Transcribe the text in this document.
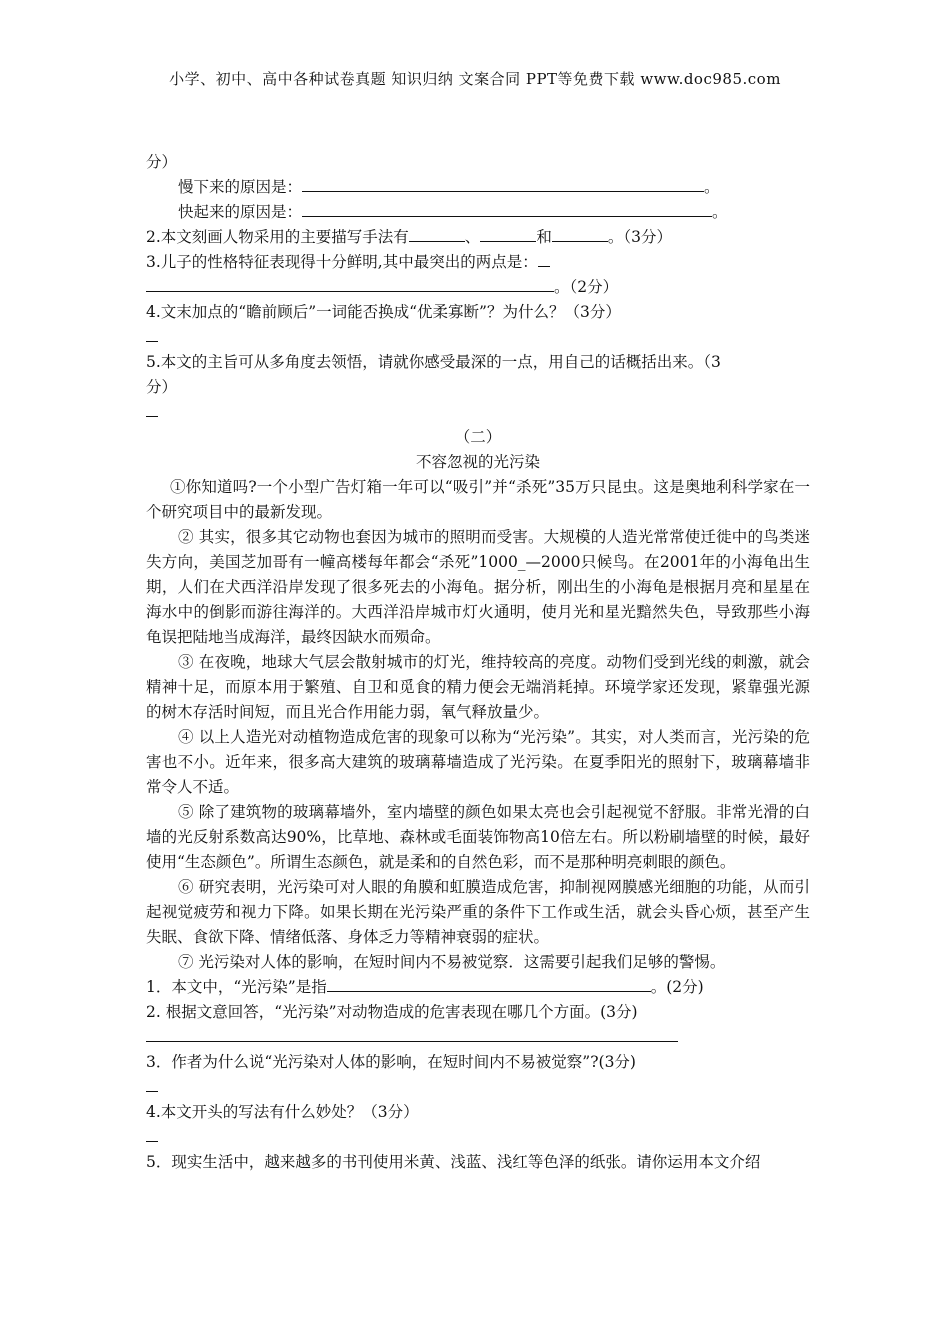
小学、初中、高中各种试卷真题 知识归纳 文案合同 PPT等免费下载 www.doc985.com
分）
慢下来的原因是：	。
快起来的原因是：	。
2.本文刻画人物采用的主要描写手法有	、	和	。（3分）
3.儿子的性格特征表现得十分鲜明,其中最突出的两点是：
。（2分）
4.文末加点的“瞻前顾后”一词能否换成“优柔寡断”？为什么？（3分）
5.本文的主旨可从多角度去领悟，请就你感受最深的一点，用自己的话概括出来。（3
分）
（二）
不容忽视的光污染

①你知道吗?一个小型广告灯箱一年可以“吸引”并“杀死”35万只昆虫。这是奥地利科学家在一个研究项目中的最新发现。

② 其实，很多其它动物也套因为城市的照明而受害。大规模的人造光常常使迁徙中的鸟类迷失方向，美国芝加哥有一幢高楼每年都会“杀死”1000_—2000只候鸟。在2001年的小海龟出生期，人们在犬西洋沿岸发现了很多死去的小海龟。据分析，刚出生的小海龟是根据月亮和星星在海水中的倒影而游往海洋的。大西洋沿岸城市灯火通明，使月光和星光黯然失色，导致那些小海龟误把陆地当成海洋，最终因缺水而殒命。

③ 在夜晚，地球大气层会散射城市的灯光，维持较高的亮度。动物们受到光线的刺激，就会精神十足，而原本用于繁殖、自卫和觅食的精力便会无端消耗掉。环境学家还发现，紧靠强光源的树木存活时间短，而且光合作用能力弱，氧气释放量少。

④ 以上人造光对动植物造成危害的现象可以称为“光污染”。其实，对人类而言，光污染的危害也不小。近年来，很多高大建筑的玻璃幕墙造成了光污染。在夏季阳光的照射下，玻璃幕墙非常令人不适。

⑤ 除了建筑物的玻璃幕墙外，室内墙壁的颜色如果太亮也会引起视觉不舒服。非常光滑的白墙的光反射系数高达90%，比草地、森林或毛面装饰物高10倍左右。所以粉刷墙壁的时候，最好使用“生态颜色”。所谓生态颜色，就是柔和的自然色彩，而不是那种明亮刺眼的颜色。

⑥ 研究表明，光污染可对人眼的角膜和虹膜造成危害，抑制视网膜感光细胞的功能，从而引起视觉疲劳和视力下降。如果长期在光污染严重的条件下工作或生活，就会头昏心烦，甚至产生失眠、食欲下降、情绪低落、身体乏力等精神衰弱的症状。

⑦ 光污染对人体的影响，在短时间内不易被觉察．这需要引起我们足够的警惕。

1．本文中，“光污染”是指	。(2分)
2. 根据文意回答，“光污染”对动物造成的危害表现在哪几个方面。(3分)
3．作者为什么说“光污染对人体的影响，在短时间内不易被觉察”?(3分)
4.本文开头的写法有什么妙处？（3分）
5．现实生活中，越来越多的书刊使用米黄、浅蓝、浅红等色泽的纸张。请你运用本文介绍
